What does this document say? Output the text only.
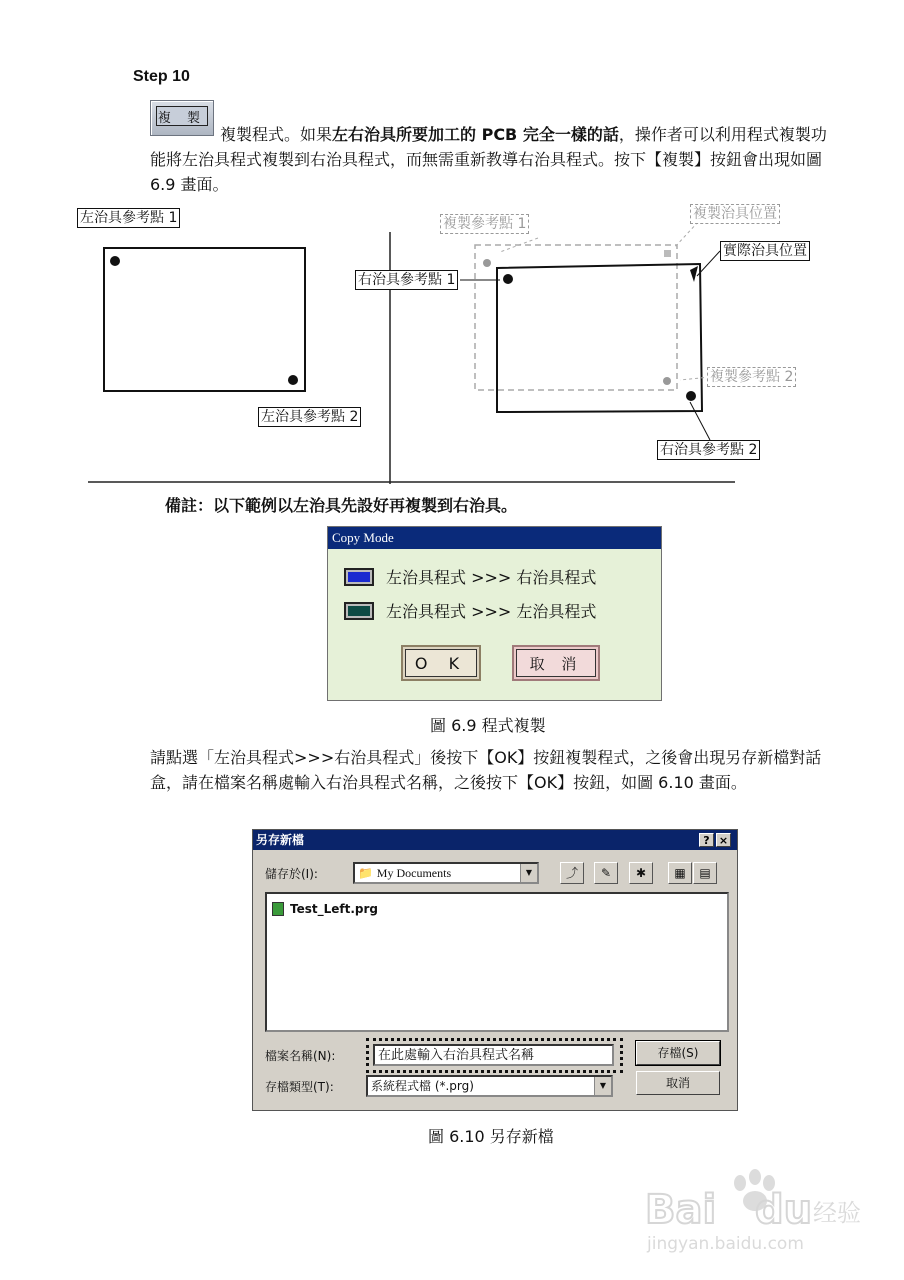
Step 10
複 製
複製程式。如果左右治具所要加工的 PCB 完全一樣的話，操作者可以利用程式複製功能將左治具程式複製到右治具程式，而無需重新教導右治具程式。按下【複製】按鈕會出現如圖 6.9 畫面。
左治具參考點 1
左治具參考點 2
右治具參考點 1
右治具參考點 2
複製參考點 1
複製參考點 2
複製治具位置
實際治具位置
備註：以下範例以左治具先設好再複製到右治具。
Copy Mode
左治具程式 >>> 右治具程式
左治具程式 >>> 左治具程式
O K	取 消
圖 6.9 程式複製
請點選「左治具程式>>>右治具程式」後按下【OK】按鈕複製程式，之後會出現另存新檔對話盒，請在檔案名稱處輸入右治具程式名稱，之後按下【OK】按鈕，如圖 6.10 畫面。
另存新檔	? ×
儲存於(I):	📁 My Documents	▼	⤴	✎	✱	▦	▤
Test_Left.prg
檔案名稱(N):	在此處輸入右治具程式名稱
存檔類型(T):	系統程式檔 (*.prg)	▼
存檔(S)
取消
圖 6.10 另存新檔
Bai du 经验
jingyan.baidu.com
